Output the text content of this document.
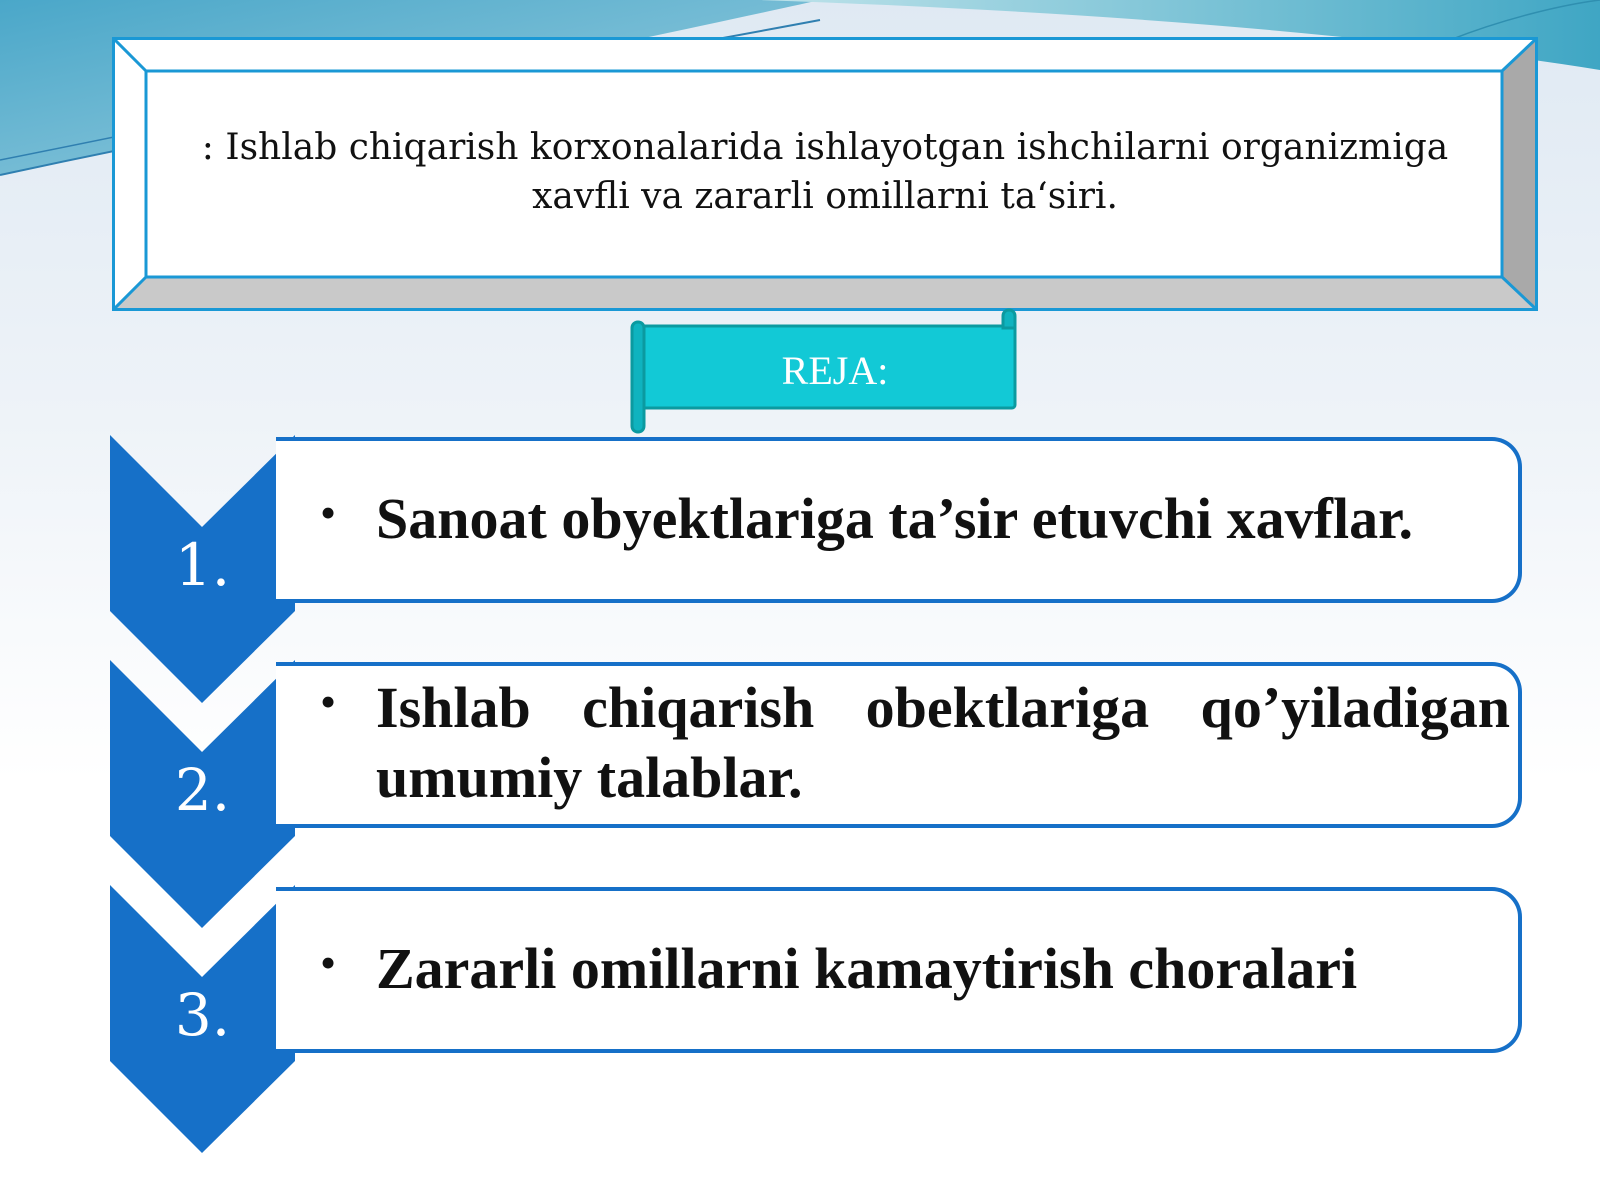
: Ishlab chiqarish korxonalarida ishlayotgan ishchilarni organizmiga xavfli va zararli omillarni ta‘siri.
REJA:
1.
• Sanoat obyektlariga ta’sir etuvchi xavflar.
2.
• Ishlab chiqarish obektlariga qo’yiladigan umumiy talablar.
3.
• Zararli omillarni kamaytirish choralari
